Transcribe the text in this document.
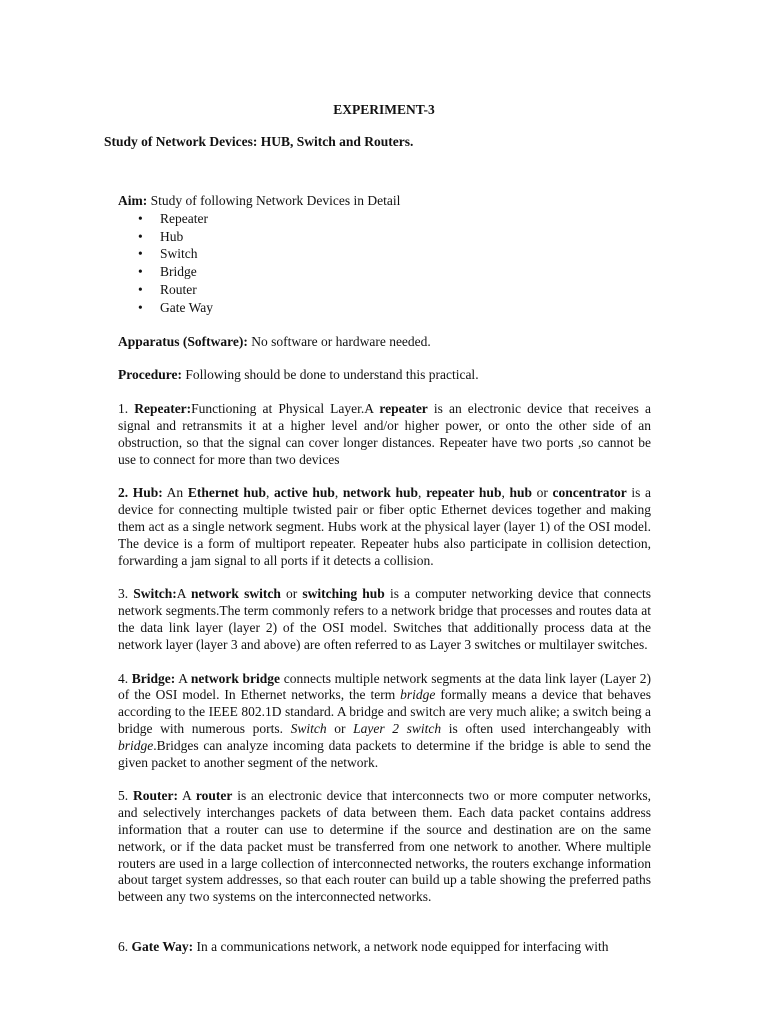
EXPERIMENT-3
Study of Network Devices: HUB, Switch and Routers.

Aim: Study of following Network Devices in Detail

• Repeater
• Hub
• Switch
• Bridge
• Router
• Gate Way

Apparatus (Software): No software or hardware needed.

Procedure: Following should be done to understand this practical.

1. Repeater:Functioning at Physical Layer.A repeater is an electronic device that receives a signal and retransmits it at a higher level and/or higher power, or onto the other side of an obstruction, so that the signal can cover longer distances. Repeater have two ports ,so cannot be use to connect for more than two devices

2. Hub: An Ethernet hub, active hub, network hub, repeater hub, hub or concentrator is a device for connecting multiple twisted pair or fiber optic Ethernet devices together and making them act as a single network segment. Hubs work at the physical layer (layer 1) of the OSI model. The device is a form of multiport repeater. Repeater hubs also participate in collision detection, forwarding a jam signal to all ports if it detects a collision.

3. Switch:A network switch or switching hub is a computer networking device that connects network segments.The term commonly refers to a network bridge that processes and routes data at the data link layer (layer 2) of the OSI model. Switches that additionally process data at the network layer (layer 3 and above) are often referred to as Layer 3 switches or multilayer switches.

4. Bridge: A network bridge connects multiple network segments at the data link layer (Layer 2) of the OSI model. In Ethernet networks, the term bridge formally means a device that behaves according to the IEEE 802.1D standard. A bridge and switch are very much alike; a switch being a bridge with numerous ports. Switch or Layer 2 switch is often used interchangeably with bridge.Bridges can analyze incoming data packets to determine if the bridge is able to send the given packet to another segment of the network.

5. Router: A router is an electronic device that interconnects two or more computer networks, and selectively interchanges packets of data between them. Each data packet contains address information that a router can use to determine if the source and destination are on the same network, or if the data packet must be transferred from one network to another. Where multiple routers are used in a large collection of interconnected networks, the routers exchange information about target system addresses, so that each router can build up a table showing the preferred paths between any two systems on the interconnected networks.

6. Gate Way: In a communications network, a network node equipped for interfacing with
